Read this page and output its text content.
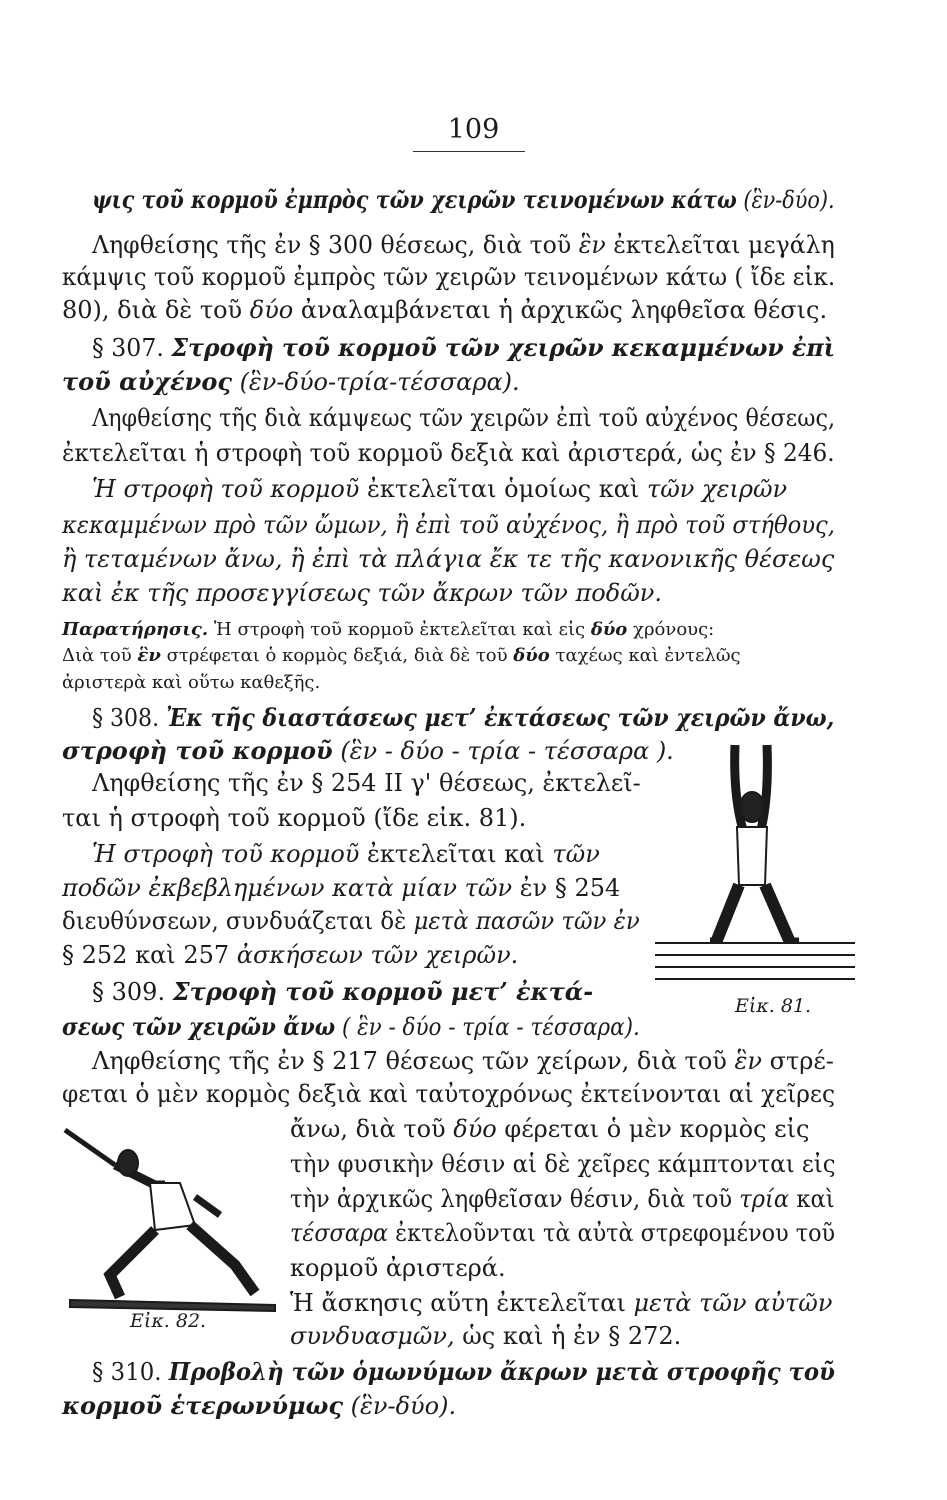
109
ψις τοῦ κορμοῦ ἐμπρὸς τῶν χειρῶν τεινομένων κάτω (ἓν-δύο).
Ληφθείσης τῆς ἐν § 300 θέσεως, διὰ τοῦ ἓν ἐκτελεῖται μεγάλη
κάμψις τοῦ κορμοῦ ἐμπρὸς τῶν χειρῶν τεινομένων κάτω ( ἴδε εἰκ.
80), διὰ δὲ τοῦ δύο ἀναλαμβάνεται ἡ ἀρχικῶς ληφθεῖσα θέσις.
§ 307. Στροφὴ τοῦ κορμοῦ τῶν χειρῶν κεκαμμένων ἐπὶ
τοῦ αὐχένος (ἓν-δύο-τρία-τέσσαρα).
Ληφθείσης τῆς διὰ κάμψεως τῶν χειρῶν ἐπὶ τοῦ αὐχένος θέσεως,
ἐκτελεῖται ἡ στροφὴ τοῦ κορμοῦ δεξιὰ καὶ ἀριστερά, ὡς ἐν § 246.
Ἡ στροφὴ τοῦ κορμοῦ ἐκτελεῖται ὁμοίως καὶ τῶν χειρῶν
κεκαμμένων πρὸ τῶν ὤμων, ἢ ἐπὶ τοῦ αὐχένος, ἢ πρὸ τοῦ στήθους,
ἢ τεταμένων ἄνω, ἢ ἐπὶ τὰ πλάγια ἔκ τε τῆς κανονικῆς θέσεως
καὶ ἐκ τῆς προσεγγίσεως τῶν ἄκρων τῶν ποδῶν.
Παρατήρησις. Ἡ στροφὴ τοῦ κορμοῦ ἐκτελεῖται καὶ εἰς δύο χρόνους:
Διὰ τοῦ ἓν στρέφεται ὁ κορμὸς δεξιά, διὰ δὲ τοῦ δύο ταχέως καὶ ἐντελῶς
ἀριστερὰ καὶ οὕτω καθεξῆς.
§ 308. Ἐκ τῆς διαστάσεως μετ’ ἐκτάσεως τῶν χειρῶν ἄνω,
στροφὴ τοῦ κορμοῦ (ἓν - δύο - τρία - τέσσαρα ).
Ληφθείσης τῆς ἐν § 254 ΙΙ γ' θέσεως, ἐκτελεῖ-
ται ἡ στροφὴ τοῦ κορμοῦ (ἴδε εἰκ. 81).
Ἡ στροφὴ τοῦ κορμοῦ ἐκτελεῖται καὶ τῶν
ποδῶν ἐκβεβλημένων κατὰ μίαν τῶν ἐν § 254
διευθύνσεων, συνδυάζεται δὲ μετὰ πασῶν τῶν ἐν
§ 252 καὶ 257 ἀσκήσεων τῶν χειρῶν.
§ 309. Στροφὴ τοῦ κορμοῦ μετ’ ἐκτά-
σεως τῶν χειρῶν ἄνω ( ἓν - δύο - τρία - τέσσαρα).
Ληφθείσης τῆς ἐν § 217 θέσεως τῶν χείρων, διὰ τοῦ ἓν στρέ-
φεται ὁ μὲν κορμὸς δεξιὰ καὶ ταὐτοχρόνως ἐκτείνονται αἱ χεῖρες
ἄνω, διὰ τοῦ δύο φέρεται ὁ μὲν κορμὸς εἰς
τὴν φυσικὴν θέσιν αἱ δὲ χεῖρες κάμπτονται εἰς
τὴν ἀρχικῶς ληφθεῖσαν θέσιν, διὰ τοῦ τρία καὶ
τέσσαρα ἐκτελοῦνται τὰ αὐτὰ στρεφομένου τοῦ
κορμοῦ ἀριστερά.
Ἡ ἄσκησις αὕτη ἐκτελεῖται μετὰ τῶν αὐτῶν
συνδυασμῶν, ὡς καὶ ἡ ἐν § 272.
§ 310. Προβολὴ τῶν ὁμωνύμων ἄκρων μετὰ στροφῆς τοῦ
κορμοῦ ἑτερωνύμως (ἓν-δύο).
Εἰκ. 81.
Εἰκ. 82.
